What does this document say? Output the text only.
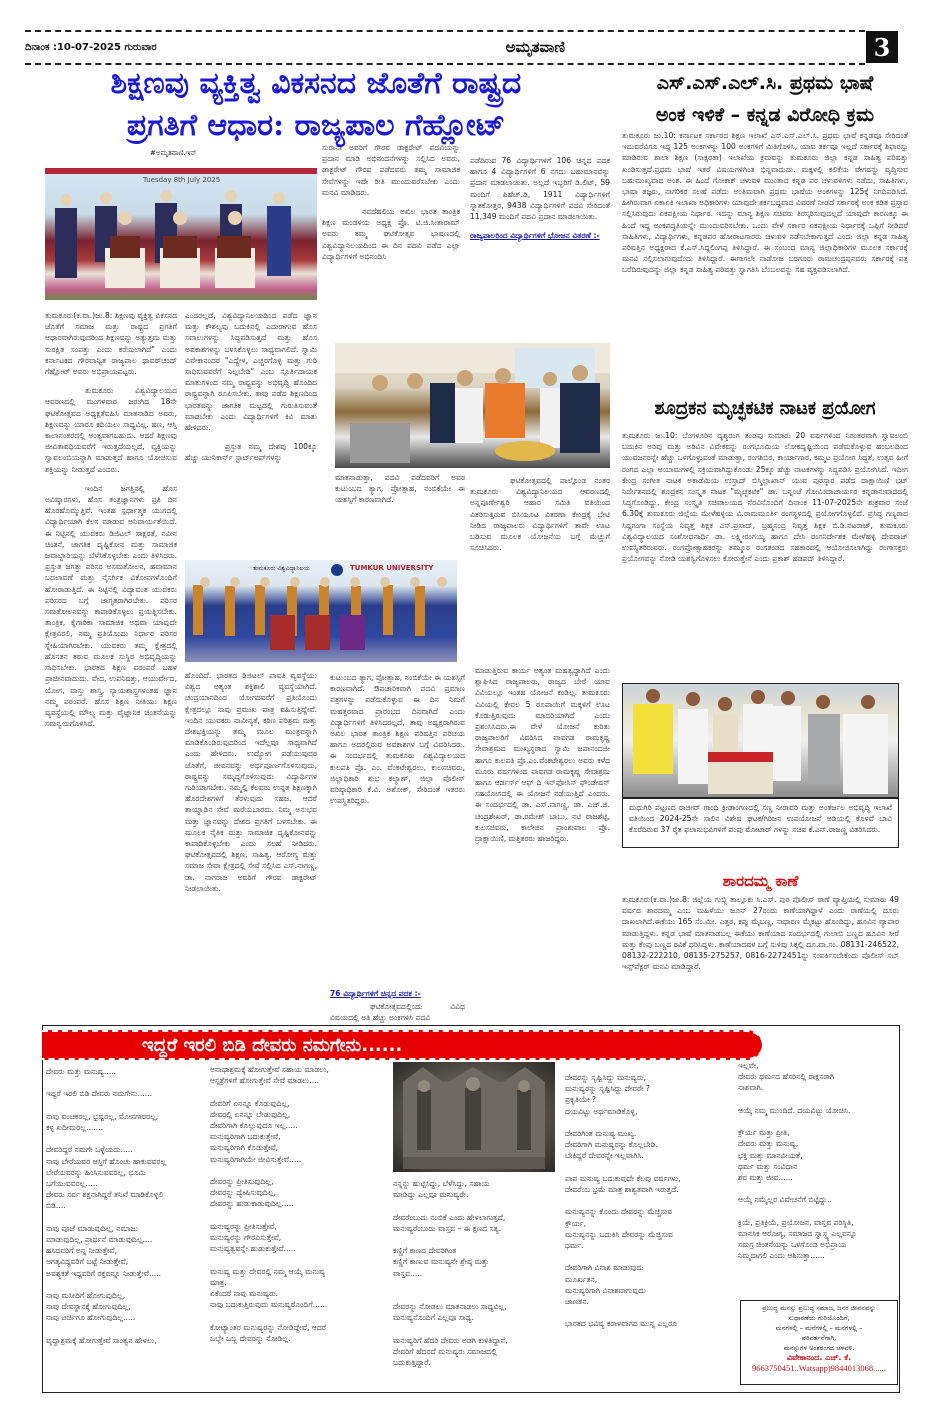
ದಿನಾಂಕ :10-07-2025 ಗುರುವಾರ	ಅಮೃತವಾಣಿ	3
ಶಿಕ್ಷಣವು ವ್ಯಕ್ತಿತ್ವ ವಿಕಸನದ ಜೊತೆಗೆ ರಾಷ್ಟ್ರದ
ಪ್ರಗತಿಗೆ ಆಧಾರ: ರಾಜ್ಯಪಾಲ ಗೆಹ್ಲೋಟ್
#ಅಮೃತವಾಣಿ.ಇನ್
Tuesday 8th July 2025

ತುಮಕೂರು(ಕ.ವಾ.)ಜು.8: ಶಿಕ್ಷಣವು ವ್ಯಕ್ತಿತ್ವ ವಿಕಸನದ ಜೊತೆಗೆ ಸಮಾಜ ಮತ್ತು ರಾಷ್ಟ್ರದ ಪ್ರಗತಿಗೆ ಆಧಾರವಾಗಿರುವುದರಿಂದ ಶಿಕ್ಷಣವನ್ನು ಅತ್ಯುತ್ತಮ ಮತ್ತು ಸುರಕ್ಷಿತ ಸಂಪತ್ತು ಎಂದು ಕರೆಯಲಾಗಿದೆ" ಎಂದು ಕರ್ನಾಟಕದ ಗೌರವಾನ್ವಿತ ರಾಜ್ಯಪಾಲ ಥಾವರ್‌ಚಂದ್ ಗೆಹ್ಲೋಟ್ ಅವರು ಅಭಿಪ್ರಾಯಪಟ್ಟರು.

ತುಮಕೂರು ವಿಶ್ವವಿದ್ಯಾಲಯದ ಆವರಣದಲ್ಲಿ ಮಂಗಳವಾರ ಜರುಗಿದ 18ನೇ ಘಟಿಕೋತ್ಸವದ ಅಧ್ಯಕ್ಷತೆವಹಿಸಿ ಮಾತನಾಡಿದ ಅವರು, ಶಿಕ್ಷಣವನ್ನು ಯಾರೂ ಕದಿಯಲು ಸಾಧ್ಯವಿಲ್ಲ. ಹಣ, ಆಸ್ತಿ ಕಾಲಾನಂತರದಲ್ಲಿ ಅಂತ್ಯವಾಗಬಹುದು. ಆದರೆ ಶಿಕ್ಷಣವು ಜೀವಿತಾವಧಿಯವರೆಗೆ ಇರುತ್ತದೆಯಲ್ಲದೆ, ವ್ಯಕ್ತಿಯನ್ನು ಸ್ವಾವಲಂಬಿಯನ್ನಾಗಿ ಮಾಡುತ್ತದೆ ಹಾಗೂ ಯೋಚಿಸುವ ಶಕ್ತಿಯನ್ನು ನೀಡುತ್ತದೆ ಎಂದರು.

ಇಂದಿನ ಜಗತ್ತಿನಲ್ಲಿ ಹೊಸ ಅವಿಷ್ಕಾರಗಳು, ಹೊಸ ತಂತ್ರಜ್ಞಾನಗಳು ಪ್ರತಿ ದಿನ ಹೊರಹೊಮ್ಮುತ್ತಿವೆ. ಇಂತಹ ಸ್ಪರ್ಧಾತ್ಮಕ ಯುಗದಲ್ಲಿ ವಿದ್ಯಾರ್ಥಿಯಾಗಿ ಕೆಲಸ ಮಾಡುವ ಅನಿವಾರ್ಯತೆಯಿದೆ. ಈ ನಿಟ್ಟಿನಲ್ಲಿ ಯುವಕರು ಡಿಜಿಟಲ್ ಸಾಕ್ಷರತೆ, ನವೀನ ಚಿಂತನೆ, ಜಾಗತಿಕ ದೃಷ್ಟಿಕೋನ ಮತ್ತು ಸಾಮಾಜಿಕ ಜವಾಬ್ದಾರಿಯನ್ನು ಬೆಳೆಸಿಕೊಳ್ಳಬೇಕು ಎಂದು ತಿಳಿಸಿದರು. ಪ್ರಸ್ತುತ ಜಗತ್ತು ಪರಿಸರ ಅಸಮತೋಲನ, ಹವಾಮಾನ ಬದಲಾವಣೆ ಮತ್ತು ನೈಸರ್ಗಿಕ ವಿಕೋಪಗಳೊಂದಿಗೆ ಹೋರಾಡುತ್ತಿದೆ. ಈ ನಿಟ್ಟಿನಲ್ಲಿ ವಿದ್ಯಾವಂತ ಯುವಕರು ಪರಿಸರದ ಬಗ್ಗೆ ಜಾಗೃತರಾಗಿರಬೇಕು. ಪರಿಸರ ಸಮತೋಲನವನ್ನು ಕಾಪಾಡಿಕೊಳ್ಳಲು ಪ್ರಯತ್ನಿಸಬೇಕು. ತಾಂತ್ರಿಕ, ಕೈಗಾರಿಕಾ ಸಾಮಾಜಿಕ ಅಥವಾ ಯಾವುದೇ ಕ್ಷೇತ್ರವಿರಲಿ, ನಮ್ಮ ಪ್ರತಿಯೊಂದು ನಿರ್ಧಾರ ಪರಿಸರ ಸ್ನೇಹಿಯಾಗಿರಬೇಕು. ಯುವಕರು ತಮ್ಮ ಕ್ಷೇತ್ರದಲ್ಲಿ ಹೊಸತನ ತರುವ ಮೂಲಕ ಸುಸ್ಥಿರ ಅಭಿವೃದ್ಧಿಯನ್ನು ಸಾಧಿಸಬೇಕು. ಭಾರತದ ಶಿಕ್ಷಣ ಪರಂಪರೆ ಬಹಳ ಪ್ರಾಚೀನವಾದುದು. ವೇದ, ಉಪನಿಷತ್ತು, ಆಯುರ್ವೇದ, ಯೋಗ, ವಾಸ್ತು ಶಾಸ್ತ್ರ, ನ್ಯಾಯಶಾಸ್ತ್ರಗಳಂತಹ ಜ್ಞಾನ ನಮ್ಮ ಪರಂಪರೆ. ಹೊಸ ಶಿಕ್ಷಣ ನೀತಿಯು ಶಿಕ್ಷಣ ವ್ಯವಸ್ಥೆಯಲ್ಲಿ ಮೌಲ್ಯ ಮತ್ತು ವೈಜ್ಞಾನಿಕ ಚಿಂತನೆಯನ್ನು ಸಮನ್ವಯಗೊಳಿಸಿದೆ.

ಎಂದರಲ್ಲದೆ, ವಿಶ್ವವಿದ್ಯಾನಿಲಯದಿಂದ ಪಡೆದ ಜ್ಞಾನ ಮತ್ತು ಕೌಶಲ್ಯವು ಬದುಕಿನಲ್ಲಿ ಎದುರಾಗುವ ಹೊಸ ಸವಾಲುಗಳನ್ನು ಸಿದ್ಧಪಡಿಸುತ್ತದೆ ಮತ್ತು ಹೊಸ ಅವಕಾಶಗಳನ್ನು ಬಳಸಿಕೊಳ್ಳಲು ಸಾಧ್ಯವಾಗಲಿದೆ. ಸ್ವಾಮಿ ವಿವೇಕಾನಂದರ "ಎದ್ದೇಳಿ, ಎಚ್ಚರಗೊಳ್ಳಿ ಮತ್ತು ಗುರಿ ಸಾಧಿಸುವವರೆಗೆ ನಿಲ್ಲಬೇಡಿ" ಎಂಬ ಸ್ಪೂರ್ತಿದಾಯಕ ಮಾತುಗಳಿಂದ ನಮ್ಮ ರಾಷ್ಟ್ರವನ್ನು ಅಭಿವೃದ್ಧಿ ಹೊಂದಿದ ರಾಷ್ಟ್ರವನ್ನಾಗಿ ರೂಪಿಸಬೇಕು. ತಾವು ಪಡೆದ ಶಿಕ್ಷಣದಿಂದ ಭಾರತವನ್ನು ಜಾಗತಿಕ ಮಟ್ಟದಲ್ಲಿ ಗುರುತಿಸುವಂತೆ ಮಾಡಬೇಕು ಎಂದು ವಿದ್ಯಾರ್ಥಿಗಳಿಗೆ ಕಿವಿ ಮಾತು ಹೇಳಿದರು.

ಪ್ರಸ್ತುತ ನಮ್ಮ ದೇಶವು 100ಕ್ಕೂ ಹೆಚ್ಚು ಯುನಿಕಾರ್ನ್ ಸ್ಟಾರ್ಟ್‌ಅಪ್‌ಗಳನ್ನು

ತುಮಕೂರು ವಿಶ್ವವಿದ್ಯಾನಿಲಯ	TUMKUR UNIVERSITY

ಹೊಂದಿದೆ. ಭಾರತದ ಡಿಜಿಟಲ್ ಪಾವತಿ ವ್ಯವಸ್ಥೆಯು ವಿಶ್ವದ ಅತ್ಯಂತ ಶಕ್ತಿಶಾಲಿ ವ್ಯವಸ್ಥೆಯಾಗಿದೆ. ಚಂದ್ರಯಾನದಿಂದ ಯೋಗದವರೆಗೆ ಪ್ರತಿಯೊಂದು ಕ್ಷೇತ್ರದಲ್ಲೂ ನಾವು ಪ್ರಮುಖ ಪಾತ್ರ ವಹಿಸುತ್ತಿದ್ದೇವೆ. ಇಂದಿನ ಯುವಕರು ನಾವೀನ್ಯತೆ, ಕಠಿಣ ಪರಿಶ್ರಮ ಮತ್ತು ದೇಶಭಕ್ತಿಯನ್ನು ತಮ್ಮ ಮೂಲ ಮಂತ್ರವನ್ನಾಗಿ ಮಾಡಿಕೊಂಡಿರುವುದರಿಂದ ಇದೆಲ್ಲವೂ ಸಾಧ್ಯವಾಗಿದೆ ಎಂದು ಹೇಳಿದರು. ಉದ್ಯೋಗ ಪಡೆಯುವುದರ ಜೊತೆಗೆ, ಜೀವನವನ್ನು ಅರ್ಥಪೂರ್ಣಗೊಳಿಸುವುದು, ರಾಷ್ಟ್ರವನ್ನು ಸಮೃದ್ಧಗೊಳಿಸುವುದು ವಿದ್ಯಾರ್ಥಿಗಳ ಗುರಿಯಾಗಬೇಕು. ನಮ್ಮಲ್ಲಿ ಕೆಲವರು ಉನ್ನತ ಶಿಕ್ಷಣಕ್ಕಾಗಿ ಹೊರದೇಶಗಳಿಗೆ ತೆರಳುವುದು ಸಹಜ. ಆದರೆ ತಾಯ್ನಾಡಿನ ಸೇವೆ ಮರೆಯಬಾರದು. ನಿಮ್ಮ ಅನುಭವ ಮತ್ತು ಜ್ಞಾನವನ್ನು ದೇಶದ ಪ್ರಗತಿಗೆ ಬಳಸಬೇಕು. ಈ ಮೂಲಕ ನೈತಿಕ ಮತ್ತು ಸಾಮಾಜಿಕ ದೃಷ್ಟಿಕೋನವನ್ನು ಕಾಪಾಡಿಕೊಳ್ಳಬೇಕು ಎಂದು ಸಲಹೆ ನೀಡಿದರು. ಘಟಿಕೋತ್ಸವದಲ್ಲಿ ಶಿಕ್ಷಣ, ಸಾಹಿತ್ಯ, ಆರೋಗ್ಯ ಮತ್ತು ಸಮಾಜ ಸೇವಾ ಕ್ಷೇತ್ರದಲ್ಲಿ ಸೇವೆ ಸಲ್ಲಿಸಿದ ಎಸ್.ನಾಗಣ್ಣ, ಡಾ. ನಾಗರಾಜ ಅವರಿಗೆ ಗೌರವ ಡಾಕ್ಟರೇಟ್ ನೀಡಲಾಯಿತು.

ಸುರಾನಾ ಅವರಿಗೆ ಗೌರವ ಡಾಕ್ಟರೇಟ್ ಪದವಿಯನ್ನು ಪ್ರದಾನ ಮಾಡಿ ಅಭಿನಂದನೆಗಳನ್ನು ಸಲ್ಲಿಸಿದ ಅವರು, ಡಾಕ್ಟರೇಟ್ ಗೌರವ ಪಡೆದವರು ತಮ್ಮ ಸಾಮಾಜಿಕ ಸೇವೆಗಳನ್ನು ಇದೇ ರೀತಿ ಮುಂದುವರೆಸಬೇಕು ಎಂದು ಮನವಿ ಮಾಡಿದರು.

ನವದೆಹಲಿಯ ಅಖಿಲ ಭಾರತ ತಾಂತ್ರಿಕ ಶಿಕ್ಷಣ ಮಂಡಳಿಯ ಅಧ್ಯಕ್ಷ ಪ್ರೊ. ಟಿ.ಜಿ.ಸೀತಾರಾಮ್ ಅವರು ತಮ್ಮ ಘಟಿಕೋತ್ಸವ ಭಾಷಣದಲ್ಲಿ ವಿಶ್ವವಿದ್ಯಾನಿಲಯದಿಂದ ಈ ದಿನ ಪದವಿ ಪಡೆದ ಎಲ್ಲಾ ವಿದ್ಯಾರ್ಥಿಗಳಿಗೆ ಅಭಿನಂದಿಸಿ

ಪಡೆದಿರುವ 76 ವಿದ್ಯಾರ್ಥಿಗಳಿಗೆ 106 ಚಿನ್ನದ ಪದಕ ಹಾಗೂ 4 ವಿದ್ಯಾರ್ಥಿಗಳಿಗೆ 6 ನಗದು ಬಹುಮಾನವನ್ನು ಪ್ರದಾನ ಮಾಡಲಾಯಿತು. ಅಲ್ಲದೆ ಇಬ್ಬರಿಗೆ ಡಿ.ಲಿಟ್, 59 ಮಂದಿಗೆ ಪಿಹೆಚ್.ಡಿ, 1911 ವಿದ್ಯಾರ್ಥಿಗಳಿಗೆ ಸ್ನಾತಕೋತ್ತರ, 9438 ವಿದ್ಯಾರ್ಥಿಗಳಿಗೆ ಪದವಿ ಸೇರಿದಂತೆ 11,349 ಮಂದಿಗೆ ಪದವಿ ಪ್ರದಾನ ಮಾಡಲಾಯಿತು.

ರಾಜ್ಯಪಾಲರಿಂದ ವಿದ್ಯಾರ್ಥಿಗಳಿಗೆ ಭೋಜನ ವಿತರಣೆ :-

ಮಾತನಾಡುತ್ತಾ, ಪದವಿ ಪಡೆದವರಿಗೆ ಅವರ ಕುಟುಂಬದ ತ್ಯಾಗ, ಪ್ರೋತ್ಸಾಹ, ನಂಬಿಕೆಯೇ ಈ ಯಶಸ್ಸಿಗೆ ಕಾರಣವಾಗಿದೆ.

ಘಟಿಕೋತ್ಸವದಲ್ಲಿ ಪಾಲ್ಗೊಂಡ ನಂತರ ತುಮಕೂರು ವಿಶ್ವವಿದ್ಯಾನಿಲಯದ ಆವರಣದಲ್ಲಿ ಅನ್ನಪೂರ್ಣೇಶ್ವರಿ ಆಹಾರ ಸಮಿತಿ ವತಿಯಿಂದ ವಿತರಿಸುತ್ತಿರುವ ಬಿಸಿಯೂಟ ವಿತರಣಾ ಕೇಂದ್ರಕ್ಕೆ ಭೇಟಿ ನೀಡಿದ ರಾಜ್ಯಪಾಲರು ವಿದ್ಯಾರ್ಥಿಗಳಿಗೆ ತಾವೇ ಊಟ ಬಡಿಸುವ ಮೂಲಕ ಯೋಜನೆಯ ಬಗ್ಗೆ ಮೆಚ್ಚುಗೆ ಸೂಚಿಸಿದರು.

ಕುಟುಂಬದ ತ್ಯಾಗ, ಪ್ರೋತ್ಸಾಹ, ನಂಬಿಕೆಯೇ ಈ ಯಶಸ್ಸಿಗೆ ಕಾರಣವಾಗಿದೆ. ಔಪಚಾರಿಕವಾಗಿ ಪದವಿ ಪ್ರಮಾಣ ಪತ್ರಗಳನ್ನು ಪಡೆದುಕೊಳ್ಳುವ ಈ ದಿನ ನಿಮಗೆ ಮಹತ್ತರವಾದ ಪ್ರಾರಂಭದ ದಿನವಾಗಿದೆ ಎಂದು ವಿದ್ಯಾರ್ಥಿಗಳಿಗೆ ತಿಳಿಸಿದರಲ್ಲದೆ, ತಾವು ಅಧ್ಯಕ್ಷರಾಗಿರುವ ಅಖಿಲ ಭಾರತ ತಾಂತ್ರಿಕ ಶಿಕ್ಷಣ ಪರಿಷತ್ತಿನ ಪರಿಚಯ ಹಾಗೂ ಅದರಲ್ಲಿರುವ ಅವಕಾಶಗಳ ಬಗ್ಗೆ ವಿವರಿಸಿದರು. ಈ ಸಂದರ್ಭದಲ್ಲಿ ತುಮಕೂರು ವಿಶ್ವವಿದ್ಯಾಲಯದ ಕುಲಪತಿ ಪ್ರೊ. ಎಂ. ವೆಂಕಟೇಶ್ವರಲು, ಕುಲಸಚಿವರು, ಜಿಲ್ಲಾಧಿಕಾರಿ ಶುಭ ಕಲ್ಯಾಣ್, ಜಿಲ್ಲಾ ಪೊಲೀಸ್ ವರಿಷ್ಠಾಧಿಕಾರಿ ಕೆ.ವಿ. ಅಶೋಕ್, ಸೇರಿದಂತೆ ಇತರರು ಉಪಸ್ಥಿತರಿದ್ದರು.

76 ವಿದ್ಯಾರ್ಥಿಗಳಿಗೆ ಚಿನ್ನದ ಪದಕ :-

ಘಟಿಕೋತ್ಸವದಲ್ಲಿಂದು ವಿವಿಧ ವಿಷಯದಲ್ಲಿ ಅತಿ ಹೆಚ್ಚು ಅಂಕಗಳಿಸಿ ಪದವಿ

ಮಾಡುತ್ತಿರುವ ಕಾರ್ಯ ಅತ್ಯಂತ ಮಹತ್ವದ್ದಾಗಿದೆ ಎಂದು ಶ್ಲಾಘಿಸಿದ ರಾಜ್ಯಪಾಲರು, ರಾಜ್ಯದ ಬೇರೆ ಯಾವ ವಿವಿಯಲ್ಲೂ ಇಂತಹ ಯೋಜನೆ ಕಂಡಿಲ್ಲ. ತುಮಕೂರು ವಿವಿಯಲ್ಲಿ ಕೇವಲ 5 ರೂಪಾಯಿಗೆ ಮಕ್ಕಳಿಗೆ ಊಟ ಕೊಡುತ್ತಿರುವುದು ಮಾದರಿಯಾಗಿದೆ ಎಂದು ಪ್ರಶಂಸಿಸಿದರು.ಈ ವೇಳೆ ಯೋಜನೆ ಕುರಿತು ರಾಜ್ಯಪಾಲರಿಗೆ ವಿವರಿಸಿದ ಪಾವಗಡ ರಾಮಕೃಷ್ಣ ಸೇವಾಶ್ರಮದ ಮುಖ್ಯಸ್ಥರಾದ ಸ್ವಾಮಿ ಜಪಾನಂದಜೀ ಹಾಗೂ ಕುಲಪತಿ ಪ್ರೊ.ಎಂ.ವೆಂಕಟೇಶ್ವರಲು ಅವರು ಕಳೆದ ಮೂರು ವರ್ಷಗಳಿಂದ ಪಾವಗಡ ರಾಮಕೃಷ್ಣ ಸೇವಾಶ್ರಮ ಹಾಗೂ ಆರ್ಡರ್ಸ್ ಆಫ್ ದಿ ಇನ್‌ಫೋಸಿಸ್ ಫೌಂಡೇಷನ್ ಸಹಯೋಗದಲ್ಲಿ ಈ ಯೋಜನೆ ನಡೆಯುತ್ತಿದೆ ಎಂದರು. ಈ ಸಂದರ್ಭದಲ್ಲಿ ಡಾ. ಎಸ್.ನಾಗಣ್ಣ, ಡಾ. ಎಚ್.ಜಿ. ಚಂದ್ರಶೇಖರ್, ಡಾ.ರಮೇಶ್ ಬಾಬು, ನಟಿ ರಾಜಶೆಟ್ಟಿ, ಕುಲಸಚಿವರು, ಕಾಲೇಜಿನ ಪ್ರಾಂಶುಪಾಲ ಪ್ರೊ. ದ್ರಾಕ್ಷಾಯಿಣಿ, ಮತ್ತಿತರರು ಹಾಜರಿದ್ದರು.

ಎಸ್.ಎಸ್.ಎಲ್.ಸಿ. ಪ್ರಥಮ ಭಾಷೆ
ಅಂಕ ಇಳಿಕೆ – ಕನ್ನಡ ವಿರೋಧಿ ಕ್ರಮ

ತುಮಕೂರು ಜು.10: ಕರ್ನಾಟಕ ಸರ್ಕಾರದ ಶಿಕ್ಷಣ ಇಲಾಖೆ ಎಸ್.ಎಸ್.ಎಲ್.ಸಿ. ಪ್ರಥಮ ಭಾಷೆ ಕನ್ನಡವೂ ಸೇರಿದಂತೆ ಇದುವರೆವಿಗೂ ಇದ್ದ 125 ಅಂಕಗಳನ್ನು 100 ಅಂಕಗಳಿಗೆ ಮಿತಿಗೊಳಿಸಿ, ಯಾವ ತರ್ಕವೂ ಇಲ್ಲದೆ ಸರ್ಕಾರಕ್ಕೆ ಶಿಫಾರಸ್ಸು ಮಾಡಿರುವ ಶಾಲಾ ಶಿಕ್ಷಣ (ಸಾಕ್ಷರತಾ) ಇಲಾಖೆಯ ಕ್ರಮವನ್ನು ತುಮಕೂರು ಜಿಲ್ಲಾ ಕನ್ನಡ ಸಾಹಿತ್ಯ ಪರಿಷತ್ತು ಖಂಡಿಸುತ್ತದೆ.ಪ್ರಥಮ ಭಾಷೆ ಇತರೆ ವಿಷಯಗಳಿಗಿಂತ ಭಿನ್ನವಾದುದು. ಮಕ್ಕಳಲ್ಲಿ ಕಲಿಕೆಯ ವೇಗವನ್ನು ವೃದ್ಧಿಸುವ ಬಹುಮುಖ್ಯವಾದ ಅಂಶ. ಈ ಹಿಂದೆ ಗೋಕಾಕ್ ಚಳುವಳಿ ಮುಂತಾದ ಕನ್ನಡ ಪರ ಚಳುವಳಿಗಳು ನಡೆದು, ಸಾಹಿತಿಗಳು, ಭಾಷಾ ತಜ್ಞರು, ನಾಗರಿಕರ ಸಲಹೆ ಪಡೆದು ಅಂತಿಮವಾಗಿ ಪ್ರಥಮ ಭಾಷೆಯ ಅಂಕಗಳನ್ನು 125ಕ್ಕೆ ನಿಗದಿಪಡಿಸಿದೆ. ಹೀಗಿರುವಾಗ ಏಕಾಏಕಿ ಇಲಾಖಾ ಅಧಿಕಾರಿಗಳು ಯಾವುದೇ ತರ್ಕಬದ್ಧವಾದ ವಿವರಣೆ ನೀಡದೆ ಸರ್ಕಾರಕ್ಕೆ ಅಂಕ ಕಡಿತ ಪ್ರಸ್ತಾವ ಸಲ್ಲಿಸಿರುವುದು ಏಕಪಕ್ಷೀಯ ನಿರ್ಧಾರ. ಇದನ್ನು ಮಾನ್ಯ ಶಿಕ್ಷಣ ಸಚಿವರು ತಿರಸ್ಕರಿಸುವುದಲ್ಲದೆ ಯಾವುದೇ ಕಾರಣಕ್ಕೂ ಈ ಹಿಂದೆ ಇದ್ದ ಅಂಕಪದ್ಧತಿಯನ್ನೇ ಮುಂದುವರಿಸಬೇಕು. ಒಂದು ವೇಳೆ ಸರ್ಕಾರ ಏಕಪಕ್ಷೀಯ ನಿರ್ಧಾರಕ್ಕೆ ಒಪ್ಪಿಗೆ ನೀಡಿದರೆ ಸಾಹಿತಿಗಳು, ವಿದ್ಯಾರ್ಥಿಗಳು, ಕನ್ನಡಪರ ಹೋರಾಟಗಾರರು ಚಳುವಳಿ ನಡೆಸಬೇಕಾಗುತ್ತದೆ ಎಂದು ಜಿಲ್ಲಾ ಕನ್ನಡ ಸಾಹಿತ್ಯ ಪರಿಷತ್ತಿನ ಅಧ್ಯಕ್ಷರಾದ ಕೆ.ಎಸ್.ಸಿದ್ದಲಿಂಗಪ್ಪ ತಿಳಿಸಿದ್ದಾರೆ. ಈ ಸಂಬಂಧ ಮಾನ್ಯ ಜಿಲ್ಲಾಧಿಕಾರಿಗಳ ಮೂಲಕ ಸರ್ಕಾರಕ್ಕೆ ಮನವಿ ಸಲ್ಲಿಸಲಾಗುವುದೆಂದು ತಿಳಿಸಿದ್ದಾರೆ. ಈಗಾಗಲೇ ನಾಡೋಜ ಬರಗೂರು ರಾಮಚಂದ್ರಪ್ಪನವರು ಸರ್ಕಾರಕ್ಕೆ ಪತ್ರ ಬರೆದಿರುವುದನ್ನು ಜಿಲ್ಲಾ ಕನ್ನಡ ಸಾಹಿತ್ಯ ಪರಿಷತ್ತು ಸ್ವಾಗತಿಸಿ ಬೆಂಬಲವನ್ನು ಸಹ ವ್ಯಕ್ತಪಡಿಸಲಾಗಿದೆ.

ಶೂದ್ರಕನ ಮೃಚ್ಛಕಟಿಕ ನಾಟಕ ಪ್ರಯೋಗ

ತುಮಕೂರು ಜು.10: ಬೆಂಗಳೂರಿನ ದೃಶ್ಯರಂಗ ತಂಡವು ಸುಮಾರು 20 ವರ್ಷಗಳಿಂದ ನಿರಂತರವಾಗಿ ಸ್ವಾವಲಂಬಿ ಬದುಕಿನ ಅರಿವು ಮತ್ತು ಅರಿವಿನ ವಿವೇಕವನ್ನು ರಂಗಭೂಮಿಯ ಲೋಕದೃಷ್ಟಿಯಿಂದ ಪಡೆಮಕೊಳ್ಳುವ ಹಂಬಲದಿಂದ ಯುವಜನರನ್ನೇ ಹೆಚ್ಚು ಒಳಗೊಳ್ಳುವಂತೆ ಮಾಡುತ್ತಾ, ರಂಗಶಿಬಿರ, ಕಾರ್ಯಾಗಾರ, ಕಮ್ಮಟ ಪ್ರಯೋಗ ಸಿದ್ಧತೆ, ಉತ್ಸವ ಹೀಗೆ ರಂಗದ ಎಲ್ಲಾ ಆಯಾಮಗಳಲ್ಲಿ ಸಕ್ರಿಯವಾಗಿದ್ದುಕೊಂಡು 25ಕ್ಕೂ ಹೆಚ್ಚು ನಾಟಕಗಳನ್ನು ಸಿದ್ಧಪಡಿಸಿ ಪ್ರಯೋಗಿಸಿದೆ. ಇದೀಗ ಕೇಂದ್ರ ಸಂಗೀತ ನಾಟಕ ಅಕಾಡೆಮಿಯ ಉಸ್ತಾದ್ ಬಿಸ್ಮಿಲ್ಲಾಖಾನ್ ಯುವ ಪುರಸ್ಕಾರ ಪಡೆದ ದಾಕ್ಷಾಯಿಣಿ ಭಟ್ ನಿರ್ದೇಶನದಲ್ಲಿ ಶೂದ್ರಕನ ಸಂಸ್ಕೃತ ನಾಟಕ "ಮೃಚ್ಛಕಟಿಕ" ಡಾ. ಬನ್ನಂಜೆ ಗೋವಿಂದಾಚಾರ್ಯರ ಕನ್ನಡಾನುವಾದದಲ್ಲಿ ಸಿದ್ಧಗೊಂಡಿದ್ದು, ಕೇಂದ್ರ ಸಂಸ್ಕೃತಿ ಸಚಿವಾಲಯದ ನೆರವಿನೊಂದಿಗೆ ದಿನಾಂಕ 11-07-2025ನೇ ಶುಕ್ರವಾರ ಸಂಜೆ 6.30ಕ್ಕೆ ತುಮಕೂರು ಜಿಲ್ಲೆಯ ಮೇಳೆಹಳ್ಳಿಯ ವಿ.ರಾಮಮೂರ್ತಿ ರಂಗಸ್ಥಳದಲ್ಲಿ ಪ್ರಯೋಗಗೊಳ್ಳಲಿದೆ. ಪ್ರಸಿದ್ಧ ಗಣ್ಯರಾದ ಸಿದ್ದಗಂಗಾ ಸಂಸ್ಥೆಯ ನಿವೃತ್ತ ಶಿಕ್ಷಕ ಎಸ್.ಪ್ರಸಾದ್, ಬ್ರಹ್ಮಸಂದ್ರ ನಿವೃತ್ತ ಶಿಕ್ಷಕ ಬಿ.ಡಿ.ನಟರಾಜ್, ತುಮಕೂರು ವಿಶ್ವವಿದ್ಯಾಲಯದ ಸಂಶೋಧನಾರ್ಥಿ ಡಾ. ಲಕ್ಷ್ಮೀರಂಗಯ್ಯ ಹಾಗೂ ದೇಸಿ ರಂಗನಿರ್ದೇಶಕ ಮೇಳೆಹಳ್ಳಿ ದೇವರಾಜ್ ಉಪಸ್ಥಿತರಿರುವರು. ರಂಗಪ್ರೋತ್ಸಾಹಕರನ್ನು ತಮ್ಮೂರ ರಂಗತಂಡದ ಸಹಕಾರದಲ್ಲಿ ಆಯೋಜಿಸಲಾಗಿದ್ದು ರಂಗಾಸಕ್ತರು ಪ್ರಯೋಗವನ್ನು ನೋಡಿ ಯಶಸ್ವಿಗೊಳಿಸಲು ಕೋರುತ್ತೇನೆ ಎಂದು ಪ್ರಕಾಶ್ ಹಡಪದ್ ತಿಳಿಸಿದ್ದಾರೆ.

ಮಧುಗಿರಿ ಪಟ್ಟಣದ ರಾಜೀವ್ ಗಾಂಧಿ ಕ್ರೀಡಾಂಗಣದಲ್ಲಿ ಸಣ್ಣ ನೀರಾವರಿ ಮತ್ತು ಅಂತರ್ಜಲ ಅಭಿವೃದ್ಧಿ ಇಲಾಖೆ ವತಿಯಿಂದ 2024-25ನೇ ಸಾಲಿನ ವಿಶೇಷ ಘಟಕ/ಗಿರಿಜನ ಉಪಯೋಜನೆ ಅಡಿಯಲ್ಲಿ ಕೊಳವೆ ಬಾವಿ ಕೊರೆದಿರುವ 37 ರೈತ ಫಲಾನುಭವಿಗಳಿಗೆ ಪಂಪು ಮೋಟಾರ್ ಗಳನ್ನು ಸಚಿವ ಕೆ.ಎನ್.ರಾಜಣ್ಣ ವಿತರಿಸಿದರು.
ಶಾರದಮ್ಮ ಕಾಣೆ

ತುಮಕೂರು(ಕ.ವಾ.)ಜು.8: ಜಿಲ್ಲೆಯ ಗುಬ್ಬಿ ತಾಲ್ಲೂಕು ಸಿ.ಎಸ್. ಪುರ ಪೊಲೀಸ್ ಠಾಣೆ ವ್ಯಾಪ್ತಿಯಲ್ಲಿ ಸುಮಾರು 49 ವರ್ಷದ ಶಾರದಮ್ಮ ಎಂಬ ಮಹಿಳೆಯು ಜೂನ್ 27ರಂದು ಕಾಣೆಯಾಗಿದ್ದಾಳೆ ಎಂದು ಠಾಣೆಯಲ್ಲಿ ದೂರು ದಾಖಲಾಗಿದೆ.ಈಕೆಯು 165 ಸೆಂ.ಮೀ. ಎತ್ತರ, ಕಪ್ಪು ಮೈಬಣ್ಣ, ಸಾಧಾರಣ ಮೈಕಟ್ಟು ಹೊಂದಿದ್ದು, ಹೂವಿನ ವ್ಯಾಪಾರ ಮಾಡುತ್ತಿದ್ದಳು. ಕನ್ನಡ ಭಾಷೆ ಮಾತನಾಡಬಲ್ಲ ಈಕೆಯು ಕಾಣೆಯಾದ ಸಂದರ್ಭದಲ್ಲಿ ಗುಲಾಬಿ ಬಣ್ಣದ ಹೂವಿನ ಸೀರೆ ಮತ್ತು ಕೆಂಪು ಬಣ್ಣದ ರವಿಕೆ ಧರಿಸಿದ್ದಳು. ಕಾಣೆಯಾದವಳ ಬಗ್ಗೆ ಸುಳಿವು ಸಿಕ್ಕಲ್ಲಿ ದೂ.ವಾ.ಸಂ. 08131-246522, 08132-222210, 08135-275257, 0816-2272451ನ್ನು ಸಂಪರ್ಕಿಸಬೇಕೆಂದು ಪೊಲೀಸ್ ಸಬ್ ಇನ್ಸ್‌ಪೆಕ್ಟರ್ ಮನವಿ ಮಾಡಿದ್ದಾರೆ.

ಇದ್ದರೆ ಇರಲಿ ಬಿಡಿ ದೇವರು ನಮಗೇನು......
ದೇವರು ಮತ್ತು ಮನುಷ್ಯ.....

ಇದ್ದರೆ ಇರಲಿ ಬಿಡಿ ದೇವರು ನಮಗೇನು......

ನಾವು ವಂಚಕರಲ್ಲ, ಭ್ರಷ್ಟರಲ್ಲ, ಮೋಸಗಾರರಲ್ಲ,
ಕಳ್ಳ ಖದೀಮರಲ್ಲ.......

ದೇವರಿದ್ದರೆ ನಮಗೇ ಒಳ್ಳೆಯದು.....
ನಾವು ಬೇರೆಯವರ ಆಸ್ತಿಗೆ ಹೊಂಚು ಹಾಕುವವರಲ್ಲ
ಬೇರೆಯವರನ್ನು ಹಿಂಸಿಸುವವರಲ್ಲ, ಭೂಮಿ
ಬಗೆಯುವವರಲ್ಲ.....
ದೇವರು ಸರ್ವ ಶಕ್ತನಾಗಿದ್ದರೆ ತನಿಖೆ ಮಾಡಿಕೊಳ್ಳಲಿ
ಬಿಡಿ....

ನಾವು ಪೂಜೆ ಮಾಡುವುದಿಲ್ಲ, ನಮಾಜು
ಮಾಡುವುದಿಲ್ಲ, ಪ್ರಾರ್ಥನೆ ಮಾಡುವುದಿಲ್ಲ....
ಹಸಿದವರಿಗೆ ಅನ್ನ ನೀಡುತ್ತೇವೆ,
ಅಗತ್ಯವಿದ್ದವರಿಗೆ ಬಟ್ಟೆ ನೀಡುತ್ತೇವೆ,
ಅವಶ್ಯಕತೆ ಇದ್ದವರಿಗೆ ರಕ್ತವನ್ನೂ ನೀಡುತ್ತೇವೆ.....

ನಾವು ಮಸೀದಿಗೆ ಹೋಗುವುದಿಲ್ಲ,
ನಾವು ದೇವಸ್ಥಾನಕ್ಕೆ ಹೋಗುವುದಿಲ್ಲ,
ನಾವು ಚರ್ಚಿಗೂ ಹೋಗುವುದಿಲ್ಲ.....

ವೃದ್ಧಾಶ್ರಮಕ್ಕೆ ಹೋಗುತ್ತೇವೆ ಸಾಂತ್ವನ ಹೇಳಲು,
ಅನಾಥಾಶ್ರಮಕ್ಕೆ ಹೋಗುತ್ತೇವೆ ಸಹಾಯ ಮಾಡಲು,
ಆಸ್ಪತ್ರೆಗಳಿಗೆ ಹೋಗುತ್ತೇವೆ ಸೇವೆ ಮಾಡಲು....

ದೇವರಿಗೆ ಏನನ್ನೂ ಕೊಡುವುದಿಲ್ಲ,
ದೇವರಲ್ಲಿ ಏನನ್ನೂ ಬೇಡುವುದಿಲ್ಲ,
ದೇವರಿಗಾಗಿ ಕೊಲ್ಲುವುದೂ ಇಲ್ಲ.....
ಮನುಷ್ಯರಿಗಾಗಿ ಬದುಕುತ್ತೇವೆ,
ಮನುಷ್ಯರಿಗಾಗಿ ಕೊಡುತ್ತೇವೆ,
ಮನುಷ್ಯರಿಗಾಗಿಯೇ ಜೀವಿಸುತ್ತೇವೆ.....

ದೇವರನ್ನು ಪ್ರೀತಿಸುವುದಿಲ್ಲ,
ದೇವರನ್ನು ದ್ವೇಷಿಸುವುದಿಲ್ಲ,
ದೇವರನ್ನು ಹುಡುಕಾಡುವುದಿಲ್ಲ.....

ಮನುಷ್ಯರನ್ನು ಪ್ರೀತಿಸುತ್ತೇವೆ,
ಮನುಷ್ಯರನ್ನು ಗೌರವಿಸುತ್ತೇವೆ,
ಮನುಷ್ಯತ್ವವನ್ನೇ ಹುಡುಕುತ್ತೇವೆ.....

ಮನುಷ್ಯ ಮತ್ತು ದೇವರಲ್ಲಿ ನಮ್ಮ ಆಯ್ಕೆ ಮನುಷ್ಯ
ಮಾತ್ರ.
ಏಕೆಂದರೆ ನಾವು ಮನುಷ್ಯರು.
ನಾವು ಬದುಕುತ್ತಿರುವುದು ಮನುಷ್ಯರೊಂದಿಗೆ......

ಕೋಟ್ಯಾಂತರ ಮನುಷ್ಯರನ್ನು ನೋಡಿದ್ದೇವೆ, ಆದರೆ
ಒಬ್ಬೇ ಒಬ್ಬ ದೇವರನ್ನು ನೋಡಿಲ್ಲ.
ನನ್ನನ್ನು ಹುಟ್ಟಿಸಿದ್ದು, ಬೆಳೆಸಿದ್ದು, ಸಹಾಯ
ಮಾಡಿದ್ದು ಎಲ್ಲವೂ ಮನುಷ್ಯರೇ.

ದೇವರೆಂಬುದು ನಂಬಿಕೆ ಎಂದು ಹೇಳಲಾಗುತ್ತದೆ,
ಮನುಷ್ಯರೆಂಬುದು ವಾಸ್ತವ – ಈ ಕ್ಷಣದ ಸತ್ಯ.

ಕಣ್ಣಿಗೆ ಕಾಣದ ದೇವರಿಗಿಂತ
ಕಣ್ಣಿಗೆ ಕಾಣುವ ಮನುಷ್ಯನೇ ಶ್ರೇಷ್ಠ ಮತ್ತು
ವಾಸ್ತವ.....

ದೇವರನ್ನು ನೋಡಲು ಮಾತನಾಡಲು ಸಾಧ್ಯವಿಲ್ಲ,
ಮನುಷ್ಯನೊಂದಿಗೆ ಎಲ್ಲವೂ ಸಾಧ್ಯ.

ಮನುಷ್ಯರಿಗೆ ಹೆದರಿ ದೇವರು ಅಡಗಿ ಕುಳಿತಿದ್ದಾನೆ,
ದೇವರಿಗೆ ಹೆದರದೆ ಮನುಷ್ಯರು ಸಮಾಜದಲ್ಲಿ
ಬದುಕುತ್ತಿದ್ದಾರೆ.
ದೇವರನ್ನು ಸೃಷ್ಟಿಸಿದ್ದು ಮನುಷ್ಯರು,
ಮನುಷ್ಯರನ್ನು ಸೃಷ್ಟಿಸಿದ್ದು ದೇವರೇ ?
ಪ್ರಕೃತಿಯೇ ?
ದಯವಿಟ್ಟು ಅರ್ಥಮಾಡಿಕೊಳ್ಳಿ,

ದೇವರಿಗಿಂತ ಮನುಷ್ಯ ಮುಖ್ಯ.
ದೇವರಿಗಾಗಿ ಮನುಷ್ಯರನ್ನು ಕೊಲ್ಲಬೇಡಿ.
ಬೇಕಿದ್ದರೆ ದೇವರನ್ನೇ ಇಲ್ಲವಾಗಿಸಿ.

ಪಾಪ ಮನುಷ್ಯ ಬದುಕುವುದೇ ಕೆಲವು ವರ್ಷಗಳು,
ದೇವರೆಂಬ ಭ್ರಮೆ ಮಾತ್ರ ಶಾಶ್ವತವಾಗಿ ಇರುತ್ತದೆ.

ಮನುಷ್ಯನನ್ನು ಕೊಂದು ದೇವರನ್ನು ಮೆಚ್ಚಿಸುವ
ಕ್ರೌರ್ಯ,
ಮನುಷ್ಯನನ್ನು ಬದುಕಿಸಿ ದೇವರನ್ನು ಮೆಚ್ಚಿಸುವ
ಧರ್ಮ.

ದೇವರಿಗಾಗಿ ವಿನಾಶ ಮಾಡುವುದು
ಮೂರ್ಖತನ,
ಮನುಷ್ಯರಿಗಾಗಿ ವಿನಾಶವಾಗುವುದು
ಜಾಣತನ.

ಭಾರತದ ಭವಿಷ್ಯ ಕರಾಳವಾಗದ ಮುನ್ನ ಎಲ್ಲರೂ
ಇಲ್ಲವೇ,
ದೇವರು ಧರ್ಮದ ಹೆಸರಿನಲ್ಲಿ ರಾಕ್ಷಸರಾಗಿ
ನಾಶವಾಗಿ.

ಆಯ್ಕೆ ನಮ್ಮ ಮುಂದಿದೆ. ದಯವಿಟ್ಟು ಯೋಚಿಸಿ.

ಕ್ರೌರ್ಯ ಮತ್ತು ಪ್ರೀತಿ,
ದೇವರು ಮತ್ತು ಮನುಷ್ಯ,
ಭಕ್ತಿ ಮತ್ತು ಮಾನವೀಯತೆ,
ಧರ್ಮ ಮತ್ತು ಸಂವಿಧಾನ
ಶವ ಮತ್ತು ಜೀವ......

ಆಯ್ಕೆ ನಮ್ಮೆಲ್ಲರ ವಿವೇಚನೆಗೆ ಬಿಟ್ಟಿದ್ದು..

ಕ್ರಿಯೆ, ಪ್ರತಿಕ್ರಿಯೆ, ಪ್ರಯೋಜನ, ವಾಸ್ತವ ಪರಿಸ್ಥಿತಿ,
ಮಾನಸಿಕ ಆರೋಗ್ಯ, ಸಮಾಜದ ಸ್ವಾಸ್ಥ್ಯ ಎಲ್ಲವನ್ನೂ
ಸಮಗ್ರ ಚಿಂತನೆಯನ್ನು ಒಳಗೊಂಡ ಅಭಿಪ್ರಾಯ
ನಿಮ್ಮದಾಗಲಿ ಎಂದು ಆಶಿಸುತ್ತಾ......
ಪ್ರಬುದ್ಧ ಮನಸ್ಸು ಪ್ರಬುದ್ಧ ಸಮಾಜ, ಜನರ ಜೀವನವನ್ನು
ಸುಧಾರಣೆಯ ಗುರಿಯೊಂದಿಗೆ,
ಮನಗಳಲ್ಲಿ – ಮನೆಗಳಲ್ಲಿ – ಮನಗಳಲ್ಲಿ –
ಪರಿವರ್ತನೆಗಾಗಿ,
ಮನಸ್ಸುಗಳ ಅಂತರಂಗದ ಚಳವಳಿ.
ವಿವೇಕಾನಂದ. ಎಚ್. ಕೆ.
9663750451..Watsapp)9844013068......
